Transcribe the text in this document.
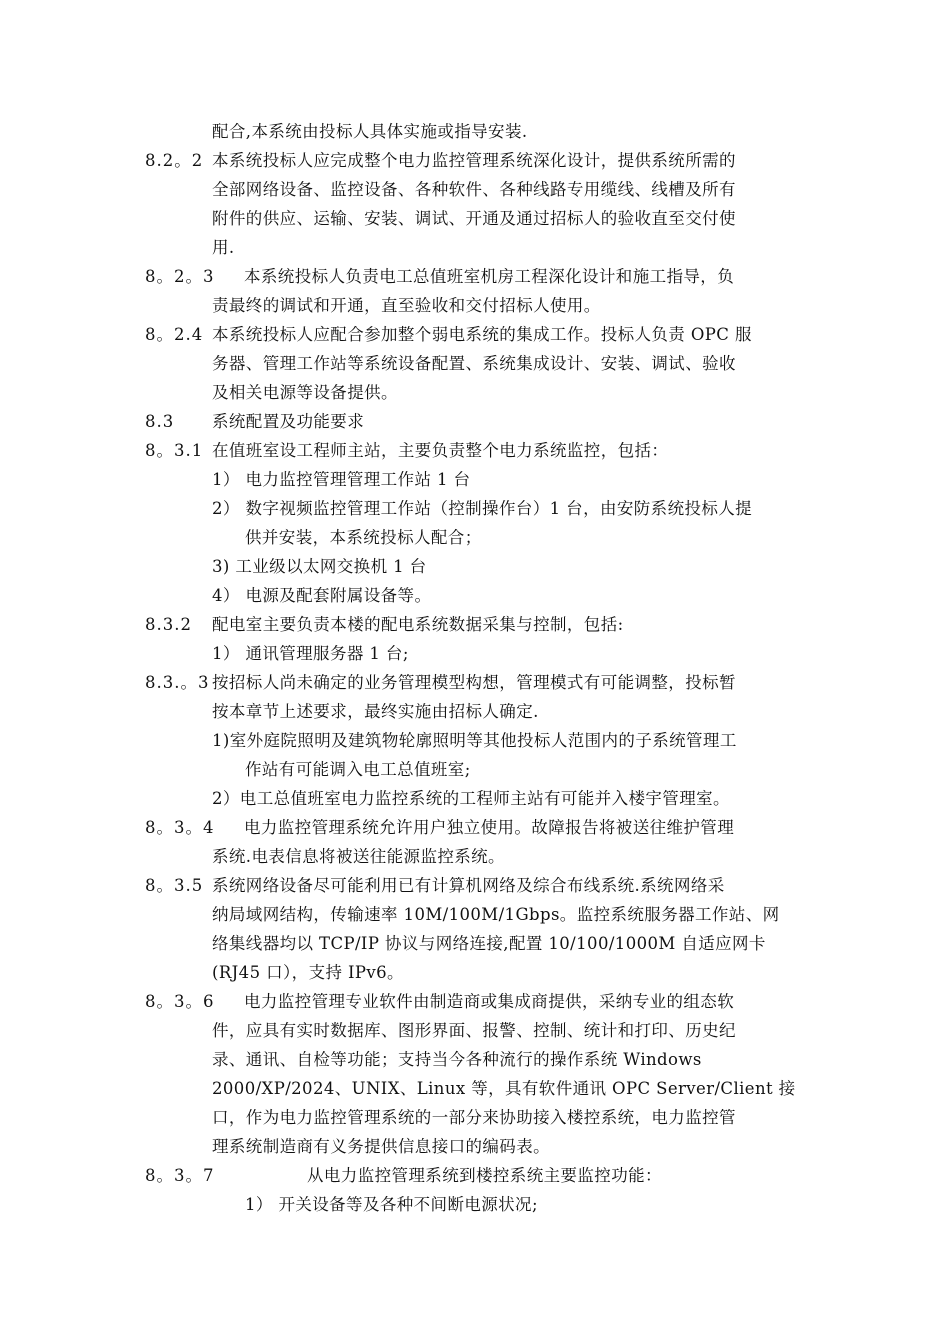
配合,本系统由投标人具体实施或指导安装.
8.2。2 本系统投标人应完成整个电力监控管理系统深化设计，提供系统所需的
全部网络设备、监控设备、各种软件、各种线路专用缆线、线槽及所有
附件的供应、运输、安装、调试、开通及通过招标人的验收直至交付使
用.
8。2。3 本系统投标人负责电工总值班室机房工程深化设计和施工指导，负
责最终的调试和开通，直至验收和交付招标人使用。
8。2.4 本系统投标人应配合参加整个弱电系统的集成工作。投标人负责 OPC 服
务器、管理工作站等系统设备配置、系统集成设计、安装、调试、验收
及相关电源等设备提供。
8.3 系统配置及功能要求
8。3.1 在值班室设工程师主站，主要负责整个电力系统监控，包括：
1） 电力监控管理管理工作站 1 台
2） 数字视频监控管理工作站（控制操作台）1 台，由安防系统投标人提
供并安装，本系统投标人配合；
3) 工业级以太网交换机 1 台
4） 电源及配套附属设备等。
8.3.2 配电室主要负责本楼的配电系统数据采集与控制，包括:
1） 通讯管理服务器 1 台;
8.3.。3 按招标人尚未确定的业务管理模型构想，管理模式有可能调整，投标暂
按本章节上述要求，最终实施由招标人确定.
1)室外庭院照明及建筑物轮廓照明等其他投标人范围内的子系统管理工
作站有可能调入电工总值班室;
2）电工总值班室电力监控系统的工程师主站有可能并入楼宇管理室。
8。3。4 电力监控管理系统允许用户独立使用。故障报告将被送往维护管理
系统.电表信息将被送往能源监控系统。
8。3.5 系统网络设备尽可能利用已有计算机网络及综合布线系统.系统网络采
纳局域网结构，传输速率 10M/100M/1Gbps。监控系统服务器工作站、网
络集线器均以 TCP/IP 协议与网络连接,配置 10/100/1000M 自适应网卡
(RJ45 口），支持 IPv6。
8。3。6 电力监控管理专业软件由制造商或集成商提供，采纳专业的组态软
件，应具有实时数据库、图形界面、报警、控制、统计和打印、历史纪
录、通讯、自检等功能；支持当今各种流行的操作系统 Windows
2000/XP/2024、UNIX、Linux 等，具有软件通讯 OPC Server/Client 接
口，作为电力监控管理系统的一部分来协助接入楼控系统，电力监控管
理系统制造商有义务提供信息接口的编码表。
8。3。7	从电力监控管理系统到楼控系统主要监控功能：
1） 开关设备等及各种不间断电源状况;
